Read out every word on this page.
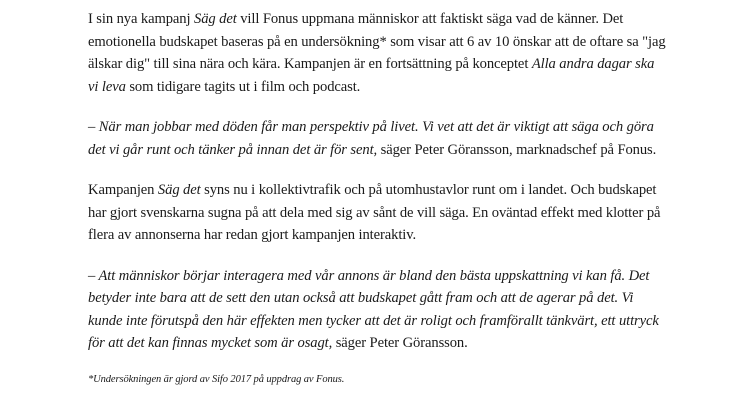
I sin nya kampanj Säg det vill Fonus uppmana människor att faktiskt säga vad de känner. Det emotionella budskapet baseras på en undersökning* som visar att 6 av 10 önskar att de oftare sa "jag älskar dig" till sina nära och kära. Kampanjen är en fortsättning på konceptet Alla andra dagar ska vi leva som tidigare tagits ut i film och podcast.

– När man jobbar med döden får man perspektiv på livet. Vi vet att det är viktigt att säga och göra det vi går runt och tänker på innan det är för sent, säger Peter Göransson, marknadschef på Fonus.

Kampanjen Säg det syns nu i kollektivtrafik och på utomhustavlor runt om i landet. Och budskapet har gjort svenskarna sugna på att dela med sig av sånt de vill säga. En oväntad effekt med klotter på flera av annonserna har redan gjort kampanjen interaktiv.

– Att människor börjar interagera med vår annons är bland den bästa uppskattning vi kan få. Det betyder inte bara att de sett den utan också att budskapet gått fram och att de agerar på det. Vi kunde inte förutspå den här effekten men tycker att det är roligt och framförallt tänkvärt, ett uttryck för att det kan finnas mycket som är osagt, säger Peter Göransson.

*Undersökningen är gjord av Sifo 2017 på uppdrag av Fonus.
